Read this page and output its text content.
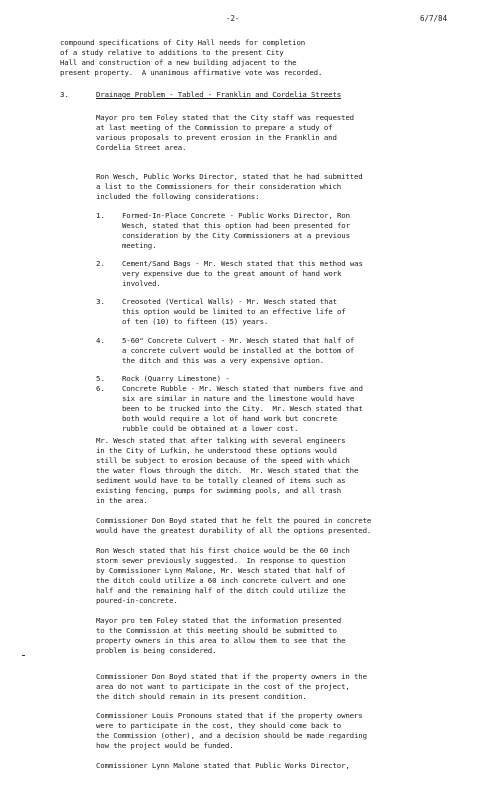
-2-	6/7/84
compound specifications of City Hall needs for completion
of a study relative to additions to the present City
Hall and construction of a new building adjacent to the
present property.  A unanimous affirmative vote was recorded.
3.	Drainage Problem - Tabled - Franklin and Cordelia Streets
Mayor pro tem Foley stated that the City staff was requested
at last meeting of the Commission to prepare a study of
various proposals to prevent erosion in the Franklin and
Cordelia Street area.
Ron Wesch, Public Works Director, stated that he had submitted
a list to the Commissioners for their consideration which
included the following considerations:
1. Formed-In-Place Concrete - Public Works Director, Ron
Wesch, stated that this option had been presented for
consideration by the City Commissioners at a previous
meeting.
2. Cement/Sand Bags - Mr. Wesch stated that this method was
very expensive due to the great amount of hand work
involved.
3. Creosoted (Vertical Walls) - Mr. Wesch stated that
this option would be limited to an effective life of
of ten (10) to fifteen (15) years.
4. 5-60" Concrete Culvert - Mr. Wesch stated that half of
a concrete culvert would be installed at the bottom of
the ditch and this was a very expensive option.
5.
6.
Rock (Quarry Limestone) -
Concrete Rubble - Mr. Wesch stated that numbers five and
six are similar in nature and the limestone would have
been to be trucked into the City.  Mr. Wesch stated that
both would require a lot of hand work but concrete
rubble could be obtained at a lower cost.
Mr. Wesch stated that after talking with several engineers
in the City of Lufkin, he understood these options would
still be subject to erosion because of the speed with which
the water flows through the ditch.  Mr. Wesch stated that the
sediment would have to be totally cleaned of items such as
existing fencing, pumps for swimming pools, and all trash
in the area.
Commissioner Don Boyd stated that he felt the poured in concrete
would have the greatest durability of all the options presented.
Ron Wesch stated that his first choice would be the 60 inch
storm sewer previously suggested.  In response to question
by Commissioner Lynn Malone, Mr. Wesch stated that half of
the ditch could utilize a 60 inch concrete culvert and one
half and the remaining half of the ditch could utilize the
poured-in-concrete.
Mayor pro tem Foley stated that the information presented
to the Commission at this meeting should be submitted to
property owners in this area to allow them to see that the
problem is being considered.
Commissioner Don Boyd stated that if the property owners in the
area do not want to participate in the cost of the project,
the ditch should remain in its present condition.
Commissioner Louis Pronouns stated that if the property owners
were to participate in the cost, they should come back to
the Commission (other), and a decision should be made regarding
how the project would be funded.
Commissioner Lynn Malone stated that Public Works Director,
